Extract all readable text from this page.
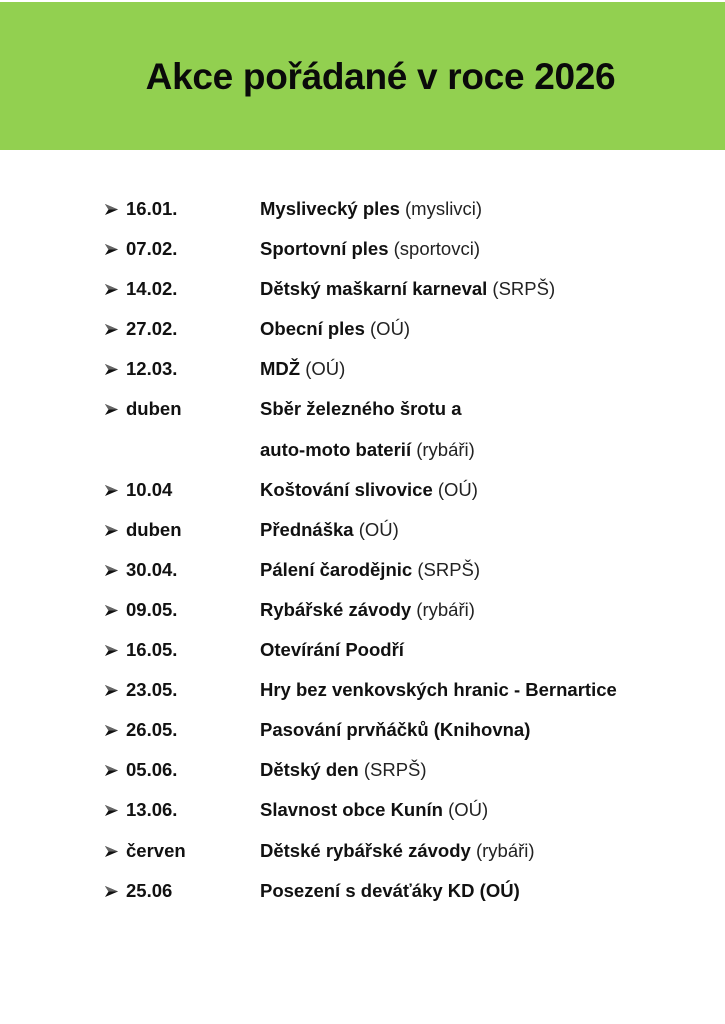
Akce pořádané v roce 2026
16.01.	Myslivecký ples (myslivci)
07.02.	Sportovní ples (sportovci)
14.02.	Dětský maškarní karneval (SRPŠ)
27.02.	Obecní ples (OÚ)
12.03.	MDŽ (OÚ)
duben	Sběr železného šrotu a
auto-moto baterií (rybáři)
10.04	Koštování slivovice (OÚ)
duben	Přednáška (OÚ)
30.04.	Pálení čarodějnic (SRPŠ)
09.05.	Rybářské závody (rybáři)
16.05.	Otevírání Poodří
23.05.	Hry bez venkovských hranic - Bernartice
26.05.	Pasování prvňáčků (Knihovna)
05.06.	Dětský den (SRPŠ)
13.06.	Slavnost obce Kunín (OÚ)
červen	Dětské rybářské závody (rybáři)
25.06	Posezení s deváťáky KD (OÚ)
